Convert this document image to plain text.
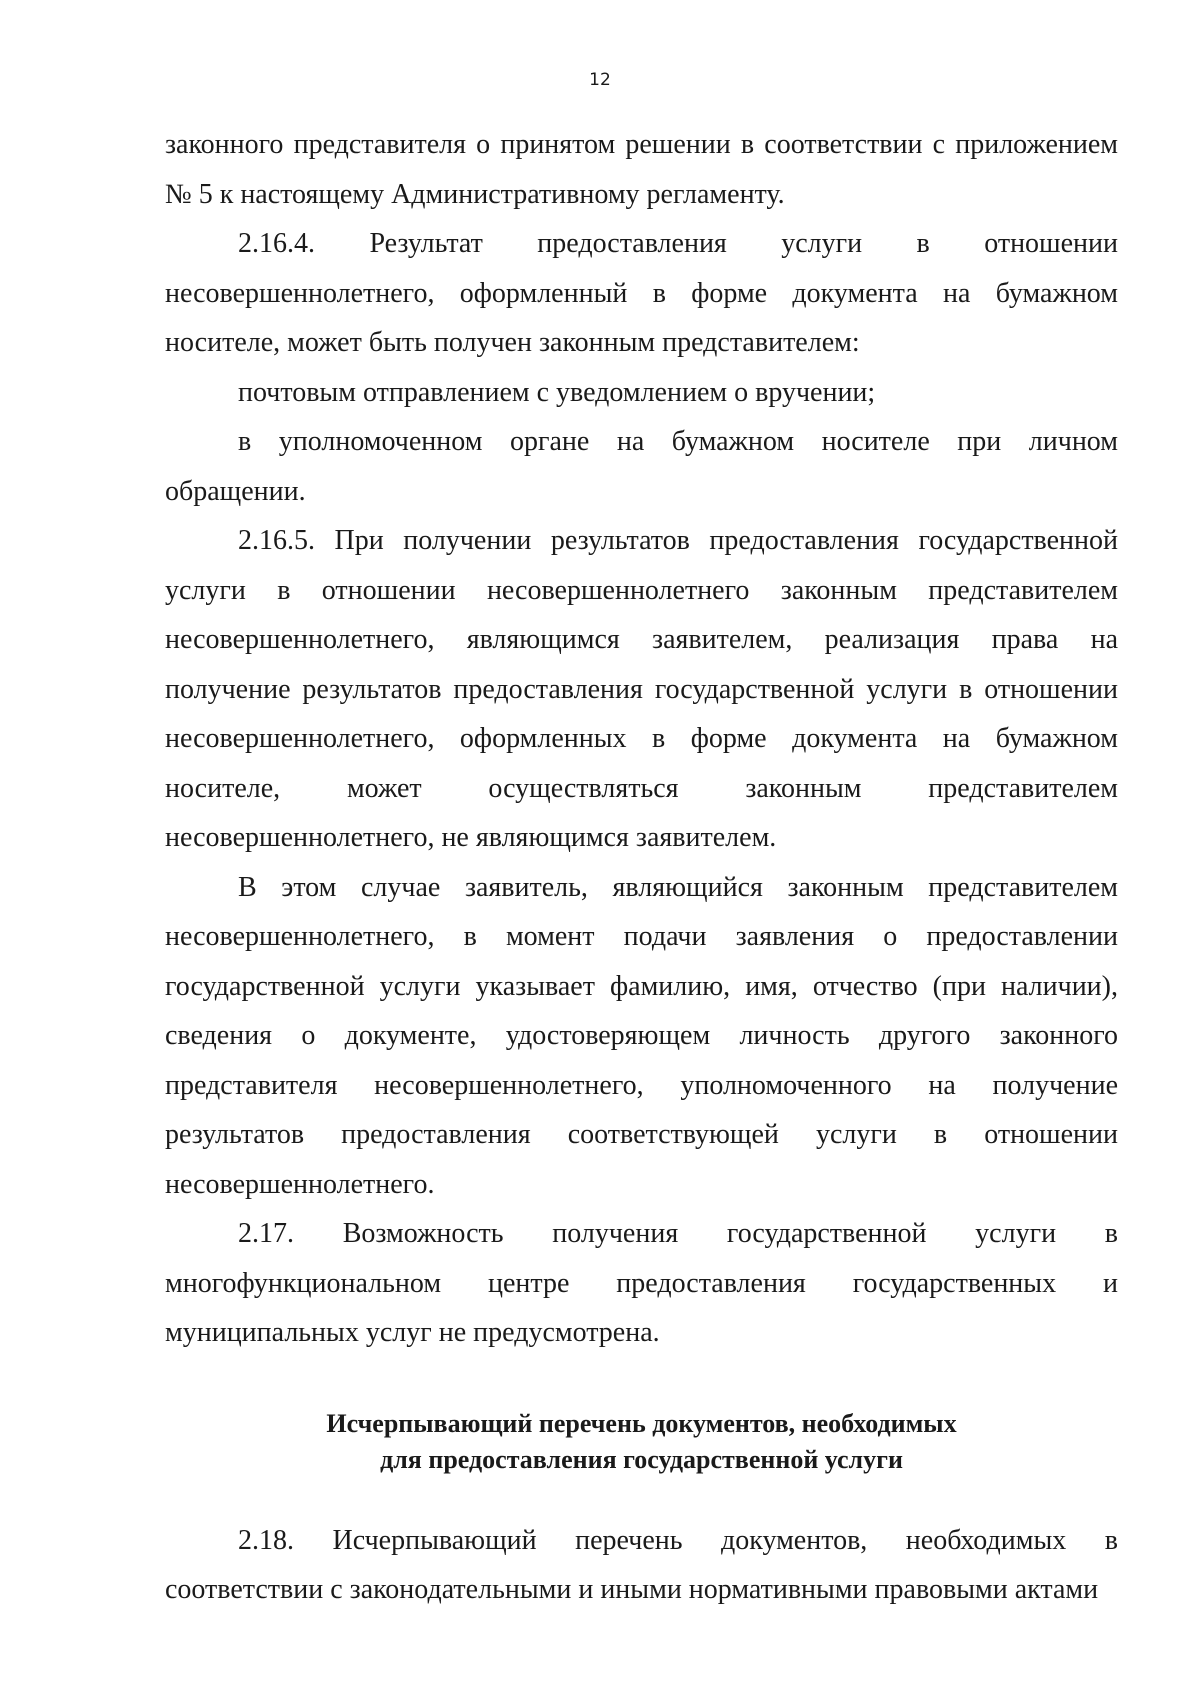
12

законного представителя о принятом решении в соответствии с приложением № 5 к настоящему Административному регламенту.

2.16.4. Результат предоставления услуги в отношении несовершеннолетнего, оформленный в форме документа на бумажном носителе, может быть получен законным представителем:

почтовым отправлением с уведомлением о вручении;

в уполномоченном органе на бумажном носителе при личном обращении.

2.16.5. При получении результатов предоставления государственной услуги в отношении несовершеннолетнего законным представителем несовершеннолетнего, являющимся заявителем, реализация права на получение результатов предоставления государственной услуги в отношении несовершеннолетнего, оформленных в форме документа на бумажном носителе, может осуществляться законным представителем несовершеннолетнего, не являющимся заявителем.

В этом случае заявитель, являющийся законным представителем несовершеннолетнего, в момент подачи заявления о предоставлении государственной услуги указывает фамилию, имя, отчество (при наличии), сведения о документе, удостоверяющем личность другого законного представителя несовершеннолетнего, уполномоченного на получение результатов предоставления соответствующей услуги в отношении несовершеннолетнего.

2.17. Возможность получения государственной услуги в многофункциональном центре предоставления государственных и муниципальных услуг не предусмотрена.

Исчерпывающий перечень документов, необходимых
для предоставления государственной услуги
2.18. Исчерпывающий перечень документов, необходимых в

соответствии с законодательными и иными нормативными правовыми актами
